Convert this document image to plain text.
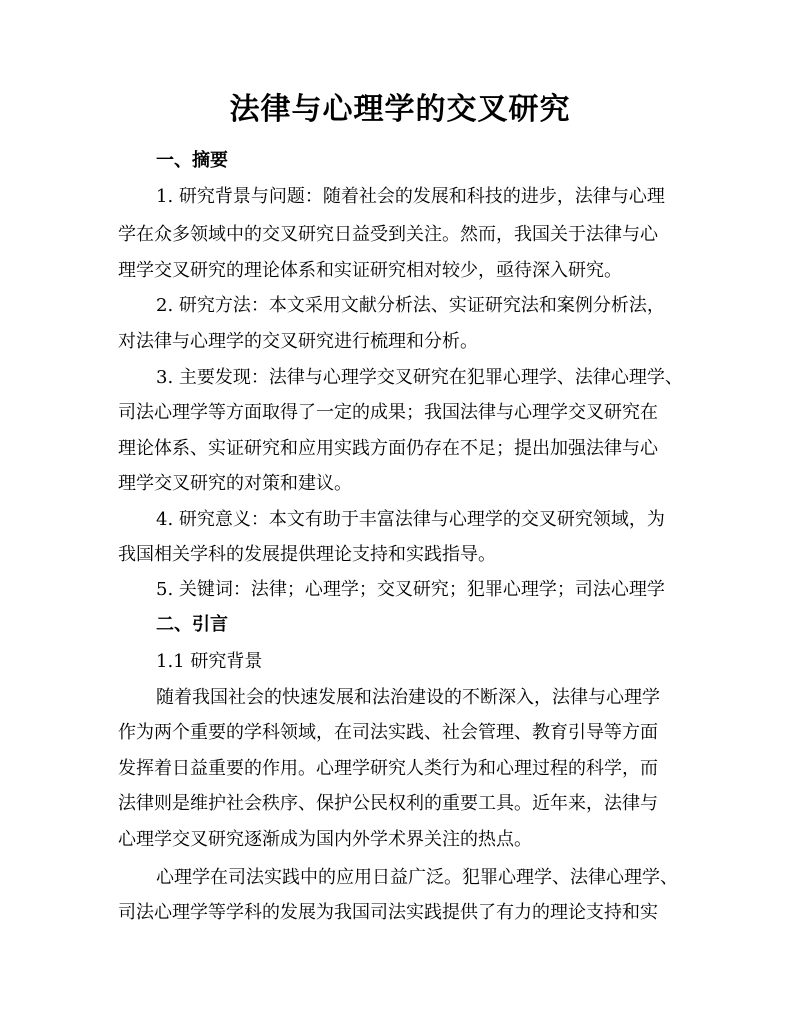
法律与心理学的交叉研究
一、摘要
1. 研究背景与问题：随着社会的发展和科技的进步，法律与心理
学在众多领域中的交叉研究日益受到关注。然而，我国关于法律与心
理学交叉研究的理论体系和实证研究相对较少，亟待深入研究。
2. 研究方法：本文采用文献分析法、实证研究法和案例分析法，
对法律与心理学的交叉研究进行梳理和分析。
3. 主要发现：法律与心理学交叉研究在犯罪心理学、法律心理学、
司法心理学等方面取得了一定的成果；我国法律与心理学交叉研究在
理论体系、实证研究和应用实践方面仍存在不足；提出加强法律与心
理学交叉研究的对策和建议。
4. 研究意义：本文有助于丰富法律与心理学的交叉研究领域，为
我国相关学科的发展提供理论支持和实践指导。
5. 关键词：法律；心理学；交叉研究；犯罪心理学；司法心理学
二、引言
1.1 研究背景
随着我国社会的快速发展和法治建设的不断深入，法律与心理学
作为两个重要的学科领域，在司法实践、社会管理、教育引导等方面
发挥着日益重要的作用。心理学研究人类行为和心理过程的科学，而
法律则是维护社会秩序、保护公民权利的重要工具。近年来，法律与
心理学交叉研究逐渐成为国内外学术界关注的热点。
心理学在司法实践中的应用日益广泛。犯罪心理学、法律心理学、
司法心理学等学科的发展为我国司法实践提供了有力的理论支持和实
